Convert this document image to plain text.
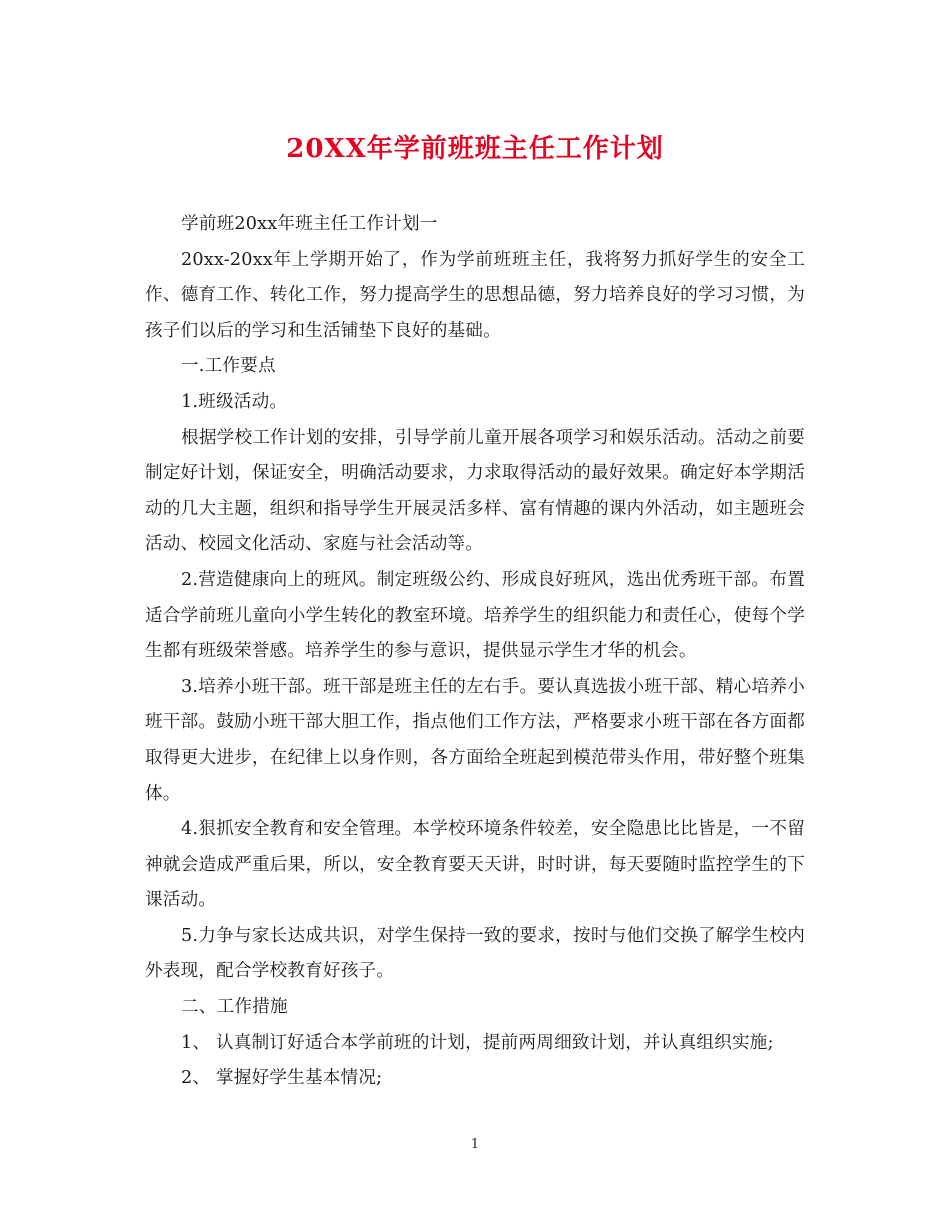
20XX年学前班班主任工作计划

学前班20xx年班主任工作计划一

20xx-20xx年上学期开始了，作为学前班班主任，我将努力抓好学生的安全工作、德育工作、转化工作，努力提高学生的思想品德，努力培养良好的学习习惯，为孩子们以后的学习和生活铺垫下良好的基础。

一.工作要点

1.班级活动。

根据学校工作计划的安排，引导学前儿童开展各项学习和娱乐活动。活动之前要制定好计划，保证安全，明确活动要求，力求取得活动的最好效果。确定好本学期活动的几大主题，组织和指导学生开展灵活多样、富有情趣的课内外活动，如主题班会活动、校园文化活动、家庭与社会活动等。

2.营造健康向上的班风。制定班级公约、形成良好班风，选出优秀班干部。布置适合学前班儿童向小学生转化的教室环境。培养学生的组织能力和责任心，使每个学生都有班级荣誉感。培养学生的参与意识，提供显示学生才华的机会。

3.培养小班干部。班干部是班主任的左右手。要认真选拔小班干部、精心培养小班干部。鼓励小班干部大胆工作，指点他们工作方法，严格要求小班干部在各方面都取得更大进步，在纪律上以身作则，各方面给全班起到模范带头作用，带好整个班集体。

4.狠抓安全教育和安全管理。本学校环境条件较差，安全隐患比比皆是，一不留神就会造成严重后果，所以，安全教育要天天讲，时时讲，每天要随时监控学生的下课活动。

5.力争与家长达成共识，对学生保持一致的要求，按时与他们交换了解学生校内外表现，配合学校教育好孩子。

二、工作措施

1、 认真制订好适合本学前班的计划，提前两周细致计划，并认真组织实施;

2、 掌握好学生基本情况;

1
